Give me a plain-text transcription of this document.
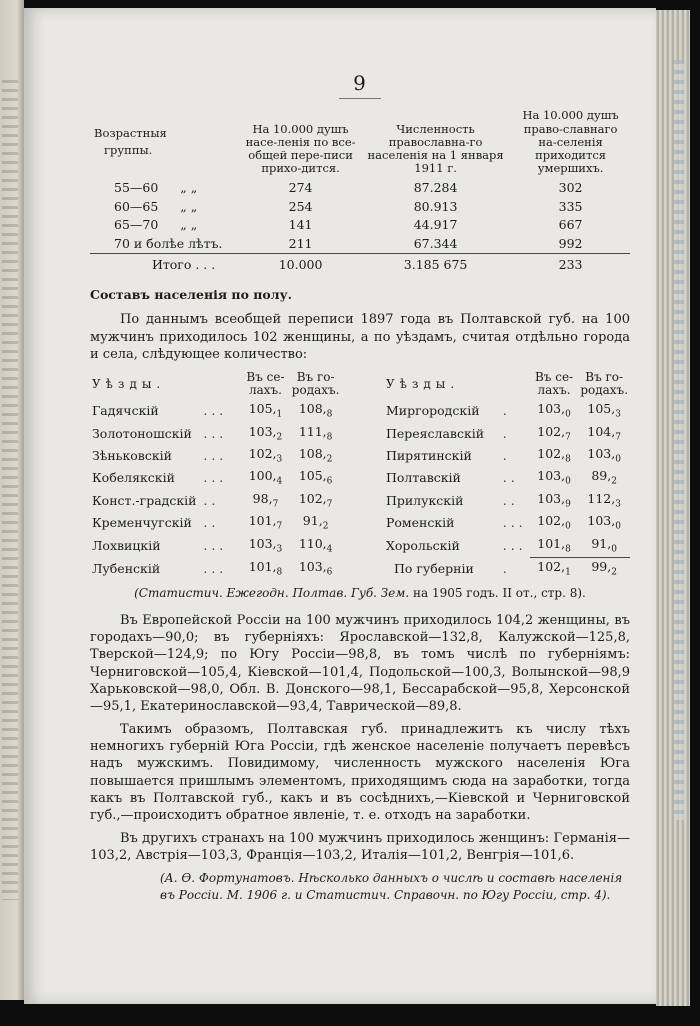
9
Возрастныя
группы.	На 10.000 душъ насе-ленія по все-общей пере-писи прихо-дится.	Численность православна-го населенія на 1 января 1911 г.	На 10.000 душъ право-славнаго на-селенія приходится умершихъ.
55—60 „ „	274	87.284	302
60—65 „ „	254	80.913	335
65—70 „ „	141	44.917	667
70 и болѣе лѣтъ.	211	67.344	992
Итого . . .	10.000	3.185 675	233
Составъ населенія по полу.

По даннымъ всеобщей переписи 1897 года въ Полтавской губ. на 100 мужчинъ приходилось 102 женщины, а по уѣздамъ, считая отдѣльно города и села, слѣдующее количество:

Уѣзды.		Въ се-лахъ.	Въ го-родахъ.		Уѣзды.		Въ се-лахъ.	Въ го-родахъ.
Гадячскій	. . .	$105,_1$	$108,_8$		Миргородскій	.	$103,_0$	$105,_3$
Золотоношскій	. . .	$103,_2$	$111,_8$		Переяславскій	.	$102,_7$	$104,_7$
Зѣньковскій	. . .	$102,_3$	$108,_2$		Пирятинскій	.	$102,_8$	$103,_0$
Кобелякскій	. . .	$100,_4$	$105,_6$		Полтавскій	. .	$103,_0$	$89,_2$
Конст.-градскій	. .	$98,_7$	$102,_7$		Прилукскій	. .	$103,_9$	$112,_3$
Кременчугскій	. .	$101,_7$	$91,_2$		Роменскій	. . .	$102,_0$	$103,_0$
Лохвицкій	. . .	$103,_3$	$110,_4$		Хорольскій	. . .	$101,_8$	$91,_0$
Лубенскій	. . .	$101,_8$	$103,_6$		По губерніи	.	$102,_1$	$99,_2$
(Статистич. Ежегодн. Полтав. Губ. Зем. на 1905 годъ. II от., стр. 8).

Въ Европейской Россіи на 100 мужчинъ приходилось 104,2 женщины, въ городахъ—90,0; въ губерніяхъ: Ярославской—132,8, Калужской—125,8, Тверской—124,9; по Югу Россіи—98,8, въ томъ числѣ по губерніямъ: Черниговской—105,4, Кіевской—101,4, Подольской—100,3, Волынской—98,9 Харьковской—98,0, Обл. В. Донского—98,1, Бессарабской—95,8, Херсонской—95,1, Екатеринославской—93,4, Таврической—89,8.

Такимъ образомъ, Полтавская губ. принадлежитъ къ числу тѣхъ немногихъ губерній Юга Россіи, гдѣ женское населеніе получаетъ перевѣсъ надъ мужскимъ. Повидимому, численность мужского населенія Юга повышается пришлымъ элементомъ, приходящимъ сюда на заработки, тогда какъ въ Полтавской губ., какъ и въ сосѣднихъ,—Кіевской и Черниговской губ.,—происходитъ обратное явленіе, т. е. отходъ на заработки.

Въ другихъ странахъ на 100 мужчинъ приходилось женщинъ: Германія—103,2, Австрія—103,3, Франція—103,2, Италія—101,2, Венгрія—101,6.

(А. Ѳ. Фортунатовъ. Нѣсколько данныхъ о числѣ и составѣ населенія въ Россіи. М. 1906 г. и Статистич. Справочн. по Югу Россіи, стр. 4).
